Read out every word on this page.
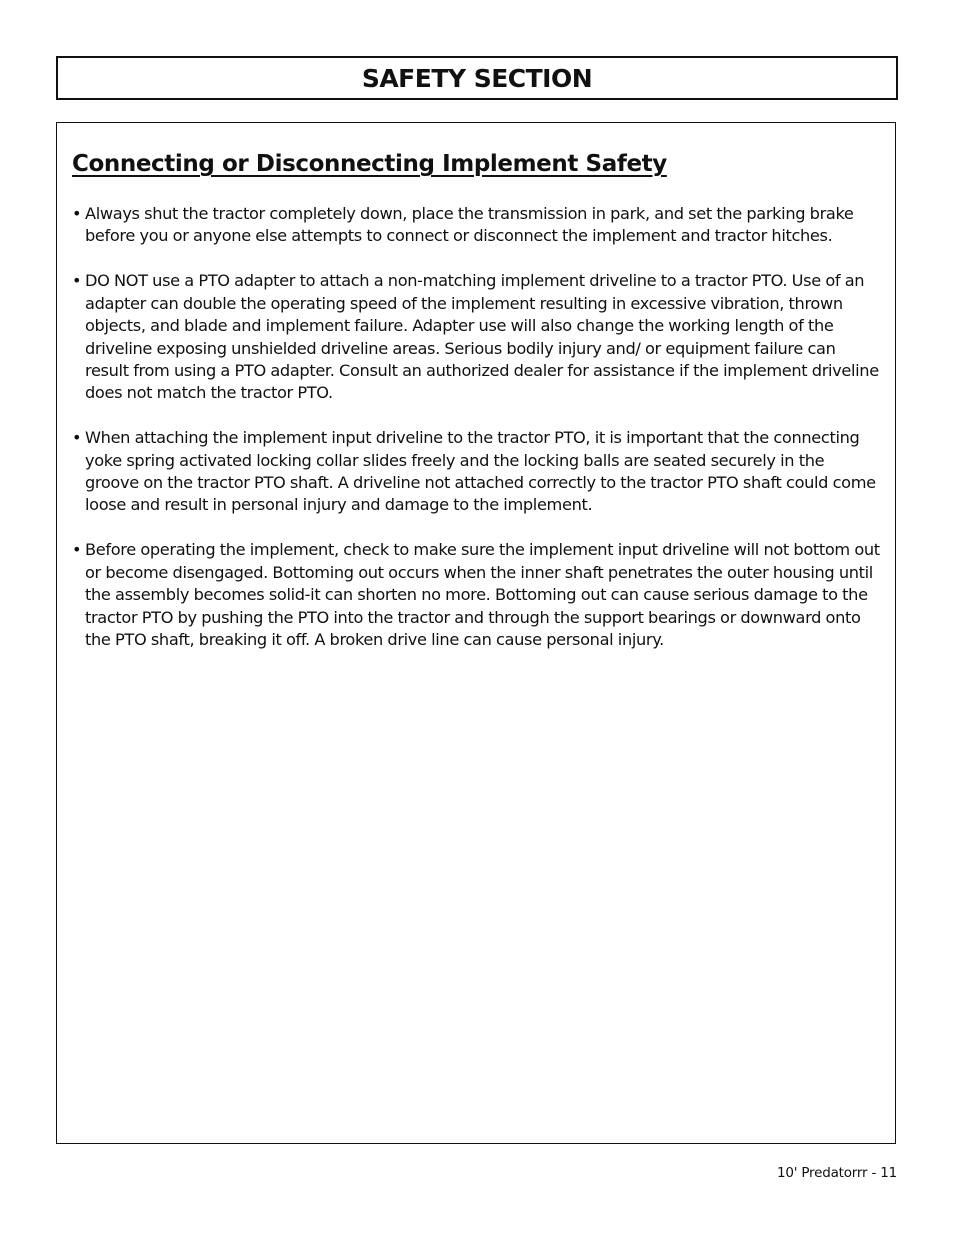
SAFETY SECTION
Connecting or Disconnecting Implement Safety
• Always shut the tractor completely down, place the transmission in park, and set the parking brake before you or anyone else attempts to connect or disconnect the implement and tractor hitches.
• DO NOT use a PTO adapter to attach a non-matching implement driveline to a tractor PTO. Use of an adapter can double the operating speed of the implement resulting in excessive vibration, thrown objects, and blade and implement failure. Adapter use will also change the working length of the driveline exposing unshielded driveline areas. Serious bodily injury and/ or equipment failure can result from using a PTO adapter. Consult an authorized dealer for assistance if the implement driveline does not match the tractor PTO.
• When attaching the implement input driveline to the tractor PTO, it is important that the connecting yoke spring activated locking collar slides freely and the locking balls are seated securely in the groove on the tractor PTO shaft. A driveline not attached correctly to the tractor PTO shaft could come loose and result in personal injury and damage to the implement.
• Before operating the implement, check to make sure the implement input driveline will not bottom out or become disengaged. Bottoming out occurs when the inner shaft penetrates the outer housing until the assembly becomes solid-it can shorten no more. Bottoming out can cause serious damage to the tractor PTO by pushing the PTO into the tractor and through the support bearings or downward onto the PTO shaft, breaking it off. A broken drive line can cause personal injury.
10' Predatorrr - 11
